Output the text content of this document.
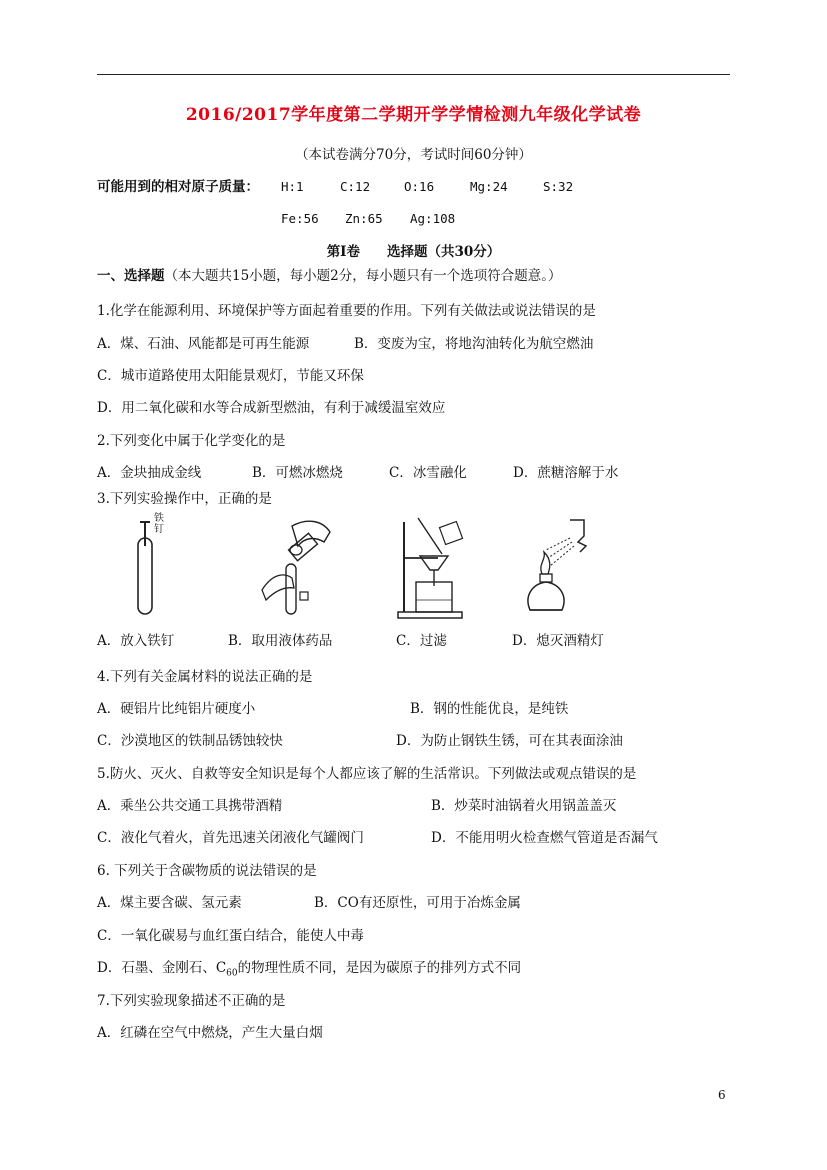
2016/2017学年度第二学期开学学情检测九年级化学试卷
（本试卷满分70分，考试时间60分钟）
可能用到的相对原子质量： H:1	C:12	O:16	Mg:24	S:32
Fe:56 Zn:65 Ag:108
第Ⅰ卷　　选择题（共30分）
一、选择题（本大题共15小题，每小题2分，每小题只有一个选项符合题意。）
1.化学在能源利用、环境保护等方面起着重要的作用。下列有关做法或说法错误的是
A．煤、石油、风能都是可再生能源	B．变废为宝，将地沟油转化为航空燃油
C．城市道路使用太阳能景观灯，节能又环保
D．用二氧化碳和水等合成新型燃油，有利于减缓温室效应
2.下列变化中属于化学变化的是
A．金块抽成金线	B．可燃冰燃烧	C．冰雪融化	D．蔗糖溶解于水
3.下列实验操作中，正确的是
铁钉
A．放入铁钉	B．取用液体药品	C．过滤	D．熄灭酒精灯
4.下列有关金属材料的说法正确的是
A．硬铝片比纯铝片硬度小	B．钢的性能优良，是纯铁
C．沙漠地区的铁制品锈蚀较快	D．为防止钢铁生锈，可在其表面涂油
5.防火、灭火、自救等安全知识是每个人都应该了解的生活常识。下列做法或观点错误的是
A．乘坐公共交通工具携带酒精	B．炒菜时油锅着火用锅盖盖灭
C．液化气着火，首先迅速关闭液化气罐阀门	D．不能用明火检查燃气管道是否漏气
6. 下列关于含碳物质的说法错误的是
A．煤主要含碳、氢元素	B．CO有还原性，可用于冶炼金属
C．一氧化碳易与血红蛋白结合，能使人中毒
D．石墨、金刚石、$C_{60}$的物理性质不同，是因为碳原子的排列方式不同
7.下列实验现象描述不正确的是
A．红磷在空气中燃烧，产生大量白烟
6
